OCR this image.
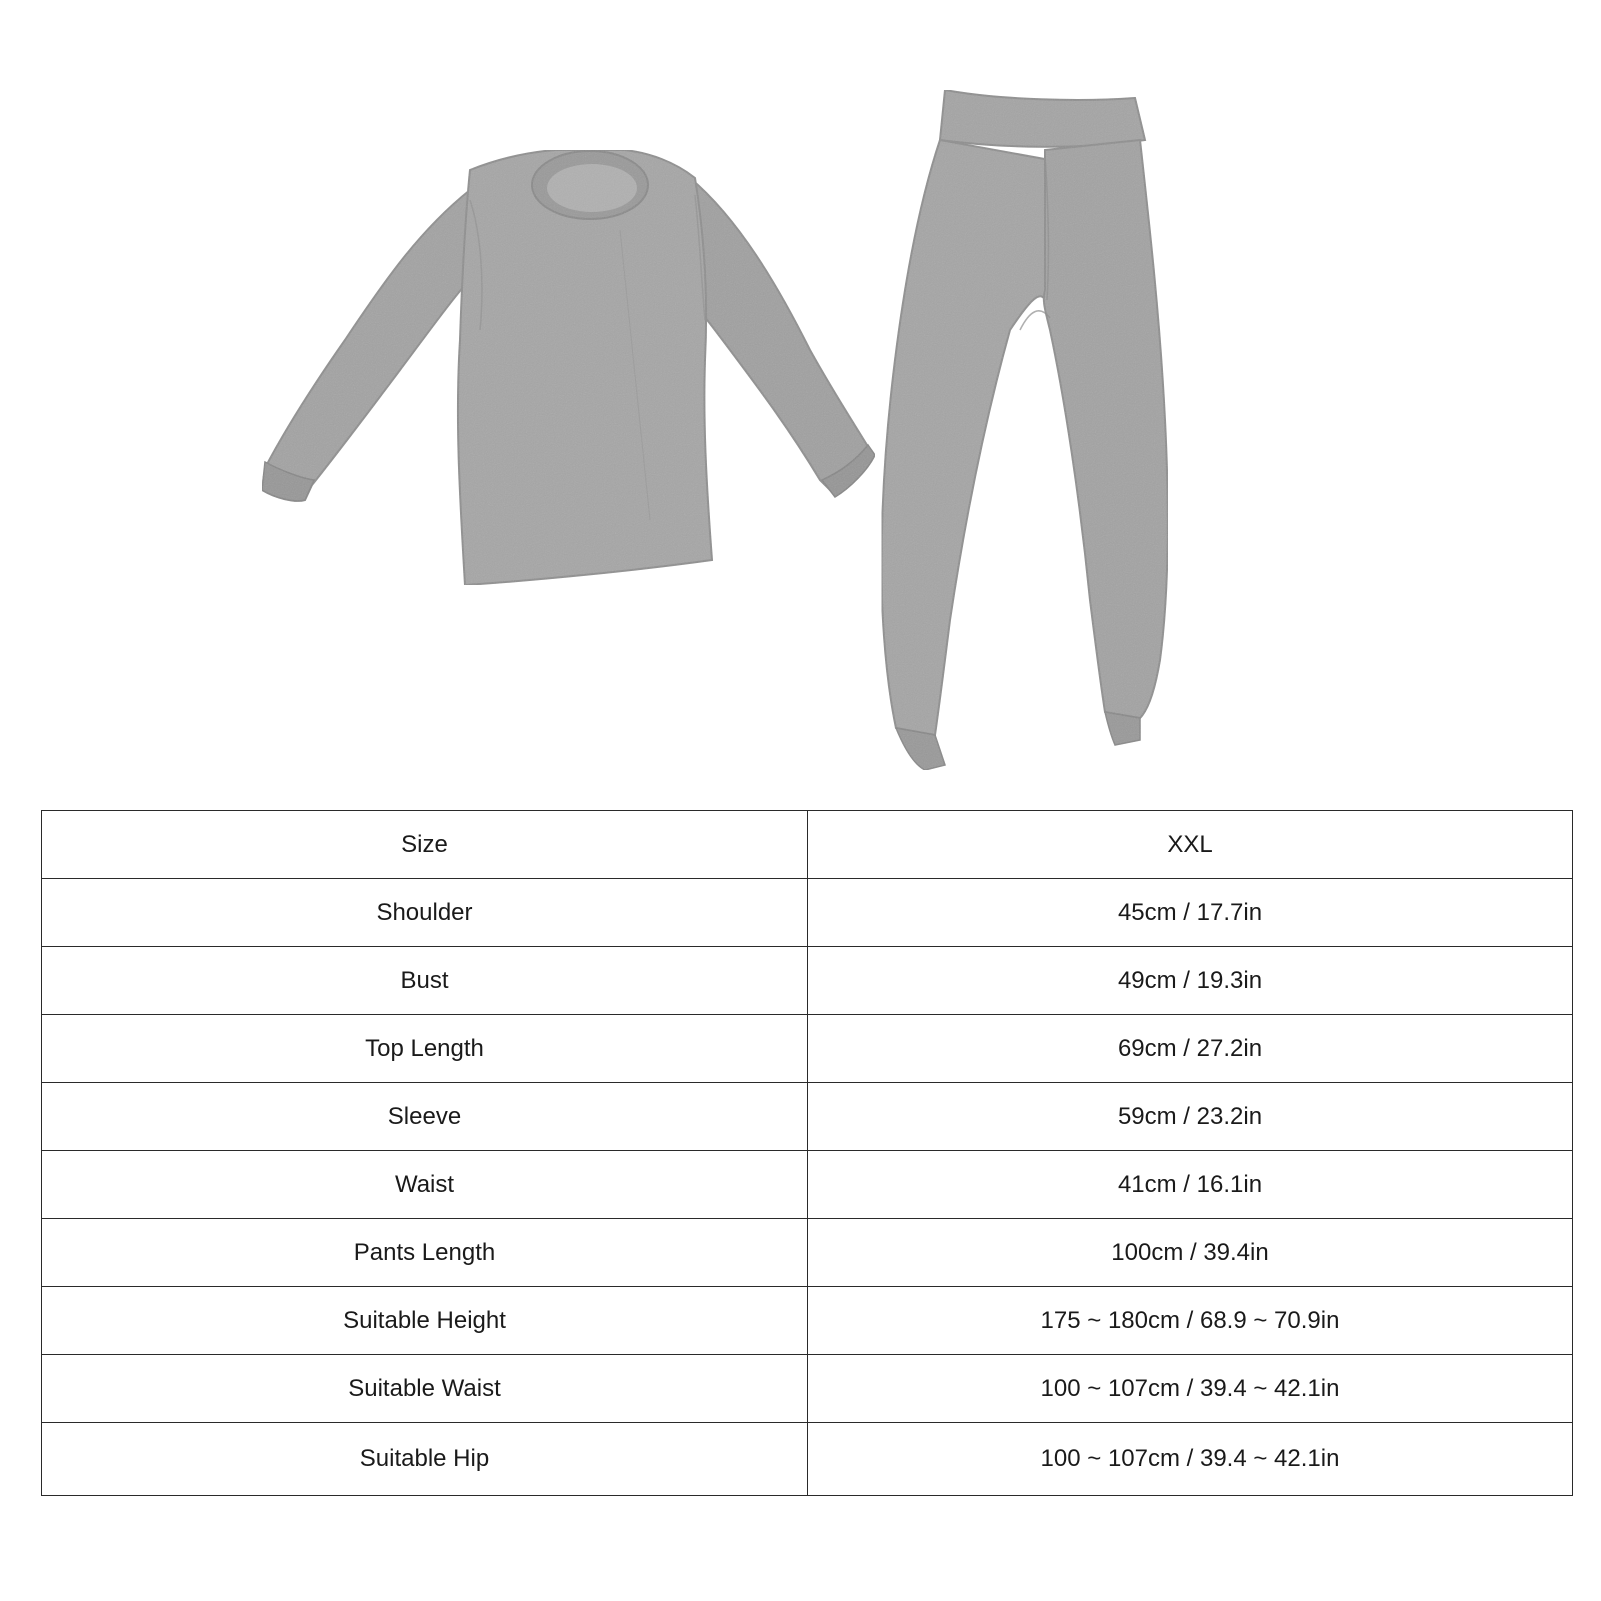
Size	XXL
Shoulder	45cm / 17.7in
Bust	49cm / 19.3in
Top Length	69cm / 27.2in
Sleeve	59cm / 23.2in
Waist	41cm / 16.1in
Pants Length	100cm / 39.4in
Suitable Height	175 ~ 180cm / 68.9 ~ 70.9in
Suitable Waist	100 ~ 107cm / 39.4 ~ 42.1in
Suitable Hip	100 ~ 107cm / 39.4 ~ 42.1in
